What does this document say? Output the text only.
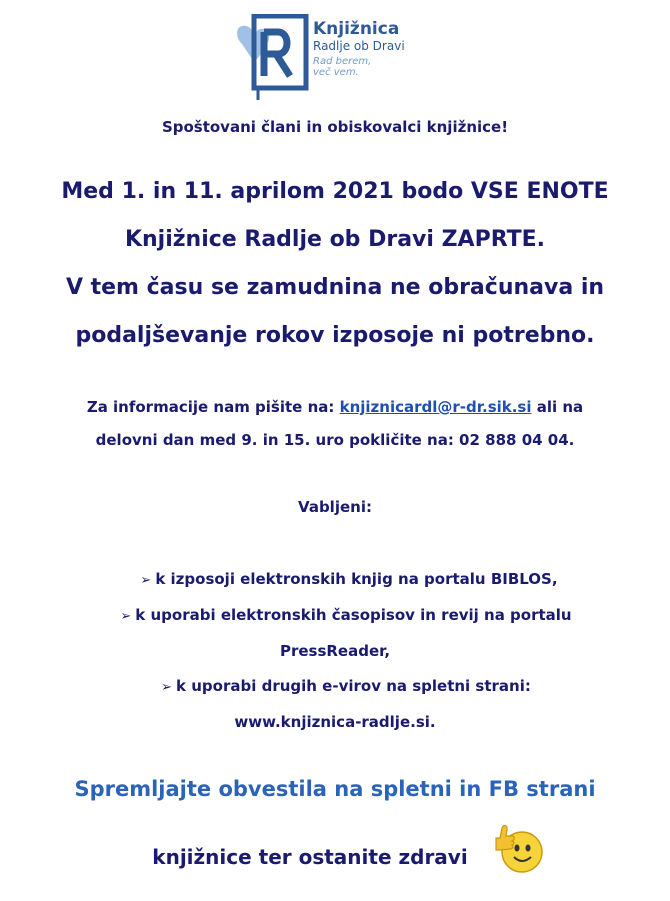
Knjižnica
Radlje ob Dravi
Rad berem,
več vem.
Spoštovani člani in obiskovalci knjižnice!
Med 1. in 11. aprilom 2021 bodo VSE ENOTE
Knjižnice Radlje ob Dravi ZAPRTE.
V tem času se zamudnina ne obračunava in
podaljševanje rokov izposoje ni potrebno.
Za informacije nam pišite na: knjiznicardl@r-dr.sik.si ali na
delovni dan med 9. in 15. uro pokličite na: 02 888 04 04.
Vabljeni:
➢ k izposoji elektronskih knjig na portalu BIBLOS,
➢ k uporabi elektronskih časopisov in revij na portalu
PressReader,
➢ k uporabi drugih e-virov na spletni strani:
www.knjiznica-radlje.si.
Spremljajte obvestila na spletni in FB strani
knjižnice ter ostanite zdravi
